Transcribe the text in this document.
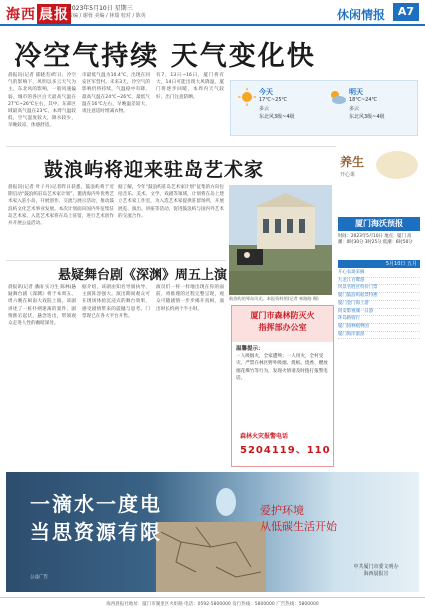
海西 晨报 2023年5月10日 星期三
责编 / 谢蓉 美编 / 林瑞 校对 / 陈英	休闲情报	A7
冷空气持续 天气变化快
晨报讯(记者 郁晓杰)昨日，冷空气的影响下，风明以多云天气为主，东北风的影响，一般风速偏弱，城市的各区白天最高气温在27℃~26℃左右，其中，东部区域最高气温在23℃，本周气温较低，空气湿度较大，降水较少，早晚较凉，体感舒适。
市最低气温为10.4℃，出现在同安区军营村。未来3天，冷空气的影响仍将持续，气温稳中有降，最高气温在24℃~26℃，最低气温在16℃左右，早晚温差较大，请注意适时增减衣物。
有7，13日~16日，厦门将有大，14日可能出现大风降温，厦门将逐步回暖，本周内天气较好，出门注意防晒。
今天
17℃~25℃
多云
东北风3级~4级
明天
18℃~24℃
多云
东北风3级~4级
鼓浪屿将迎来驻岛艺术家
晨报讯(记者 叶子丹)记者昨日获悉，鼓浪屿将于近期启动“鼓浪屿驻岛艺术家计划”，邀请海内外优秀艺术家入驻小岛，开展创作、交流与展示活动，推动鼓浪屿文化艺术事业发展。本次计划面向国内外征集驻岛艺术家，入选艺术家将在岛上驻留，进行艺术创作并开展公益活动。
据了解，今年“鼓浪屿驻岛艺术家计划”征集的方向包括音乐、美术、文学、戏剧等领域，计划将在岛上建立艺术家工作室，为入选艺术家提供驻留场所，开展展览、演出、讲座等活动，促进鼓浪屿与国内外艺术的交流合作。
鼓浪屿的琴岛风光。本报资料图(记者 林路路 摄)
悬疑舞台剧《深渊》周五上演
晨报讯(记者 潘雨 实习生 陈林)悬疑舞台剧《深渊》将于本周五、周六晚在闽南大戏院上演。该剧讲述了一桩扑朔迷离的案件，剧情跌宕起伏，悬念迭出，带领观众走进人性的幽暗深处。
据介绍，该剧由知名导演执导，主演阵容强大。演出期间观众可在现场体验沉浸式的舞台效果，感受剧情带来的震撼与思考。门票现已在各大平台开售。
演员们一样一样地出现在你的面前，将推理的过程完整呈现，观众可随剧情一步步揭开真相，演出时长约两个半小时。
厦门市森林防灭火
指挥部办公室
温馨提示：
一人吸烟火，全家遭殃；一人用火，全村受灾。严禁在林区野外吸烟、烧纸、烧香、燃放烟花爆竹等行为，发现火情请及时拨打报警电话。
森林火灾报警电话
5204119、110
养生
开心果
厦门海沃预报
时间：2023年5月10日 地点：厦门 高潮：0时30分 3时25分 低潮：6时50分
5月10日 五月
开心农场采摘
九龙江百鹭游
风景名胜区特价门票
厦门鼓浪屿船票特惠
厦门金门海上游
同安影视城一日游
环岛路骑行
厦门园林植物园
厦门海洋旅游
一滴水一度电
当思资源有限
爱护环境
从低碳生活开始
中共厦门市委文明办
海西晨报宣
公益广告
海西晨报社地址：厦门市湖里区火炬路 电话：0592-5800000 发行热线：5800000 广告热线：5800000
